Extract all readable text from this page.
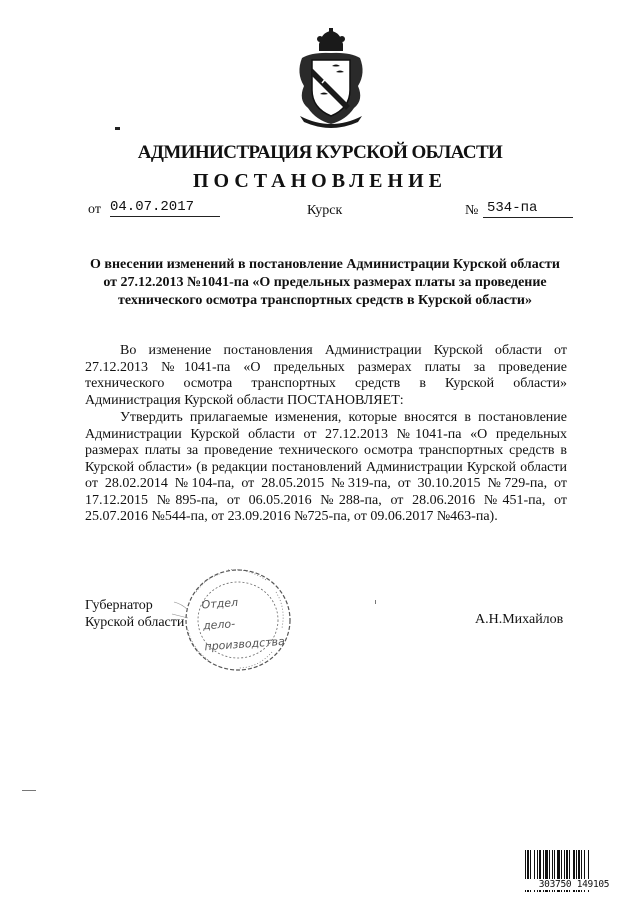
АДМИНИСТРАЦИЯ КУРСКОЙ ОБЛАСТИ
ПОСТАНОВЛЕНИЕ
от 04.07.2017	Курск	№ 534-па
О внесении изменений в постановление Администрации Курской области от 27.12.2013 №1041-па «О предельных размерах платы за проведение технического осмотра транспортных средств в Курской области»
Во изменение постановления Администрации Курской области от 27.12.2013 №1041-па «О предельных размерах платы за проведение технического осмотра транспортных средств в Курской области» Администрация Курской области ПОСТАНОВЛЯЕТ:
Утвердить прилагаемые изменения, которые вносятся в постановление Администрации Курской области от 27.12.2013 №1041-па «О предельных размерах платы за проведение технического осмотра транспортных средств в Курской области» (в редакции постановлений Администрации Курской области от 28.02.2014 №104-па, от 28.05.2015 №319-па, от 30.10.2015 №729-па, от 17.12.2015 №895-па, от 06.05.2016 №288-па, от 28.06.2016 №451-па, от 25.07.2016 №544-па, от 23.09.2016 №725-па, от 09.06.2017 №463-па).
Отдел
дело-
производства
Губернатор
Курской области	А.Н.Михайлов
303750 149105
